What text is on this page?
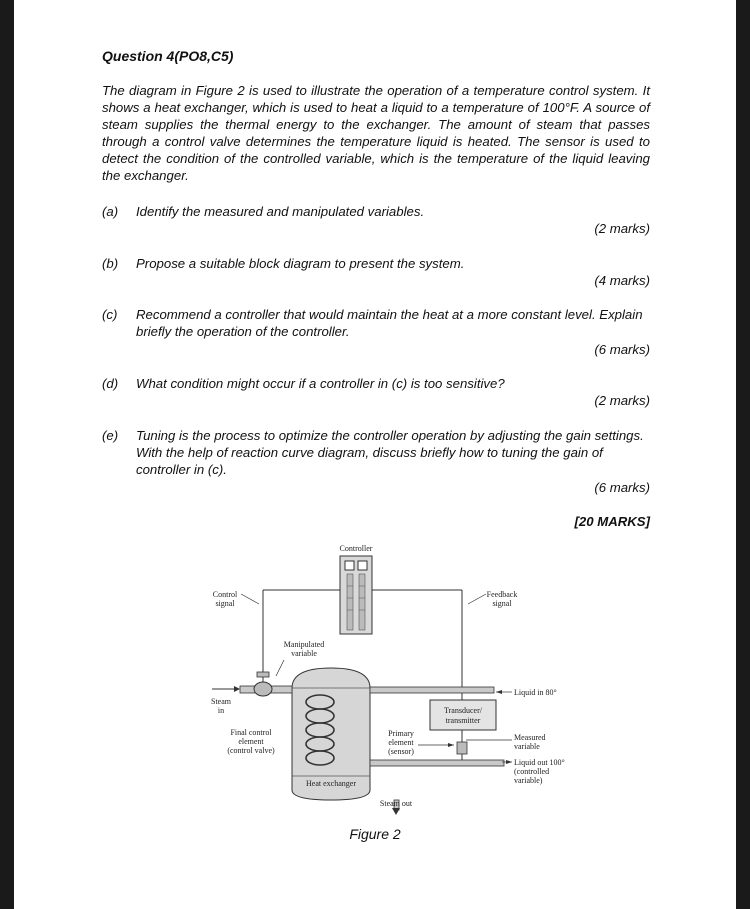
Question 4(PO8,C5)
The diagram in Figure 2 is used to illustrate the operation of a temperature control system. It shows a heat exchanger, which is used to heat a liquid to a temperature of 100°F. A source of steam supplies the thermal energy to the exchanger. The amount of steam that passes through a control valve determines the temperature liquid is heated. The sensor is used to detect the condition of the controlled variable, which is the temperature of the liquid leaving the exchanger.
(a) Identify the measured and manipulated variables.
(2 marks)
(b) Propose a suitable block diagram to present the system.
(4 marks)
(c) Recommend a controller that would maintain the heat at a more constant level. Explain briefly the operation of the controller.
(6 marks)
(d) What condition might occur if a controller in (c) is too sensitive?
(2 marks)
(e) Tuning is the process to optimize the controller operation by adjusting the gain settings. With the help of reaction curve diagram, discuss briefly how to tuning the gain of controller in (c).
(6 marks)
[20 MARKS]
Controller
Control
signal
Feedback
signal
Manipulated
variable
Steam
in
Liquid in 80°
Transducer/
transmitter
Final control
element
(control valve)
Primary
element
(sensor)
Measured
variable
Liquid out 100°
(controlled
variable)
Heat exchanger
Steam out
Figure 2
